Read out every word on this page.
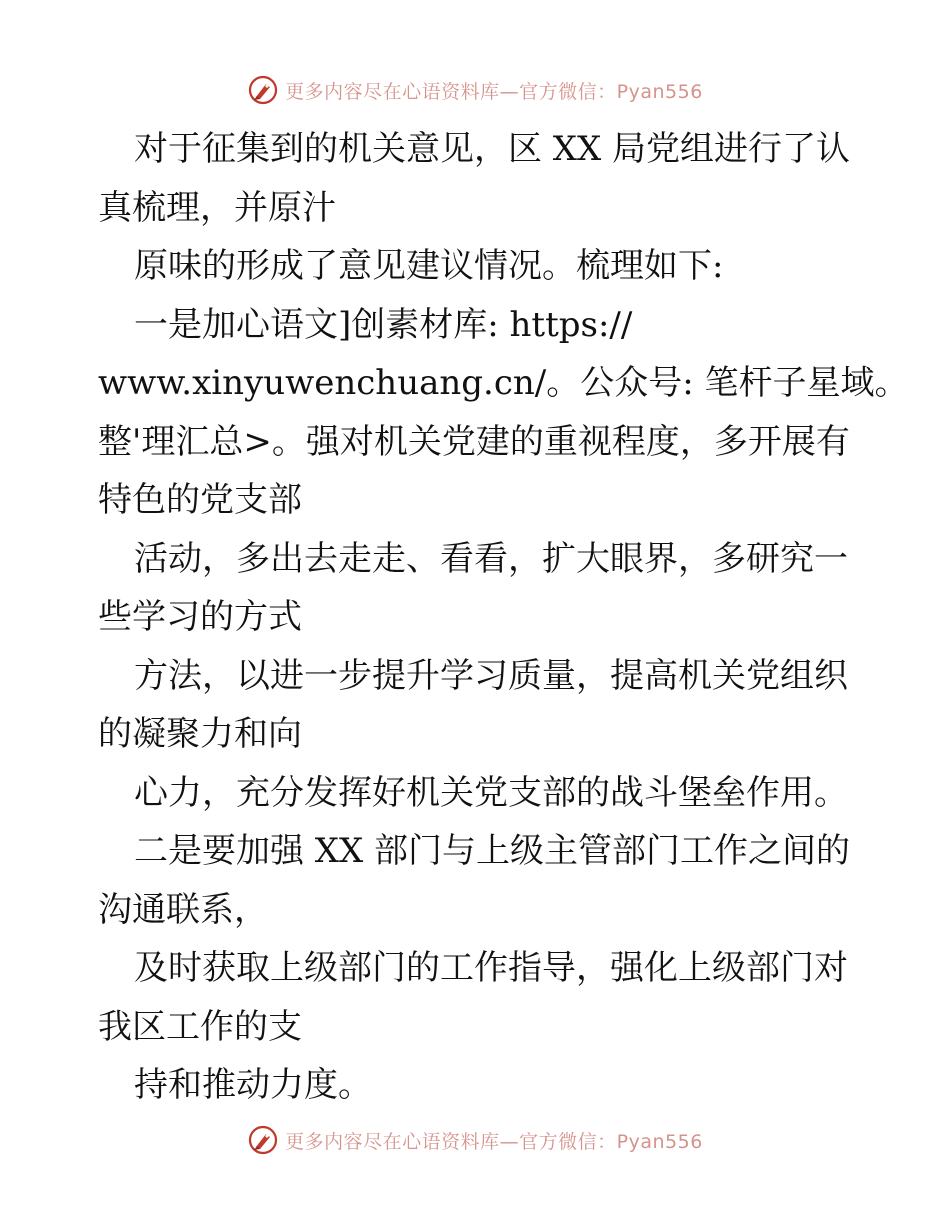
更多内容尽在心语资料库—官方微信：Pyan556

对于征集到的机关意见，区 XX 局党组进行了认

真梳理，并原汁

原味的形成了意见建议情况。梳理如下:

一是加心语文]创素材库: https://

www.xinyuwenchuang.cn/。公众号: 笔杆子星域。

整'理汇总>。强对机关党建的重视程度，多开展有

特色的党支部

活动，多出去走走、看看，扩大眼界，多研究一

些学习的方式

方法，以进一步提升学习质量，提高机关党组织

的凝聚力和向

心力，充分发挥好机关党支部的战斗堡垒作用。

二是要加强 XX 部门与上级主管部门工作之间的

沟通联系，

及时获取上级部门的工作指导，强化上级部门对

我区工作的支

持和推动力度。

更多内容尽在心语资料库—官方微信：Pyan556
